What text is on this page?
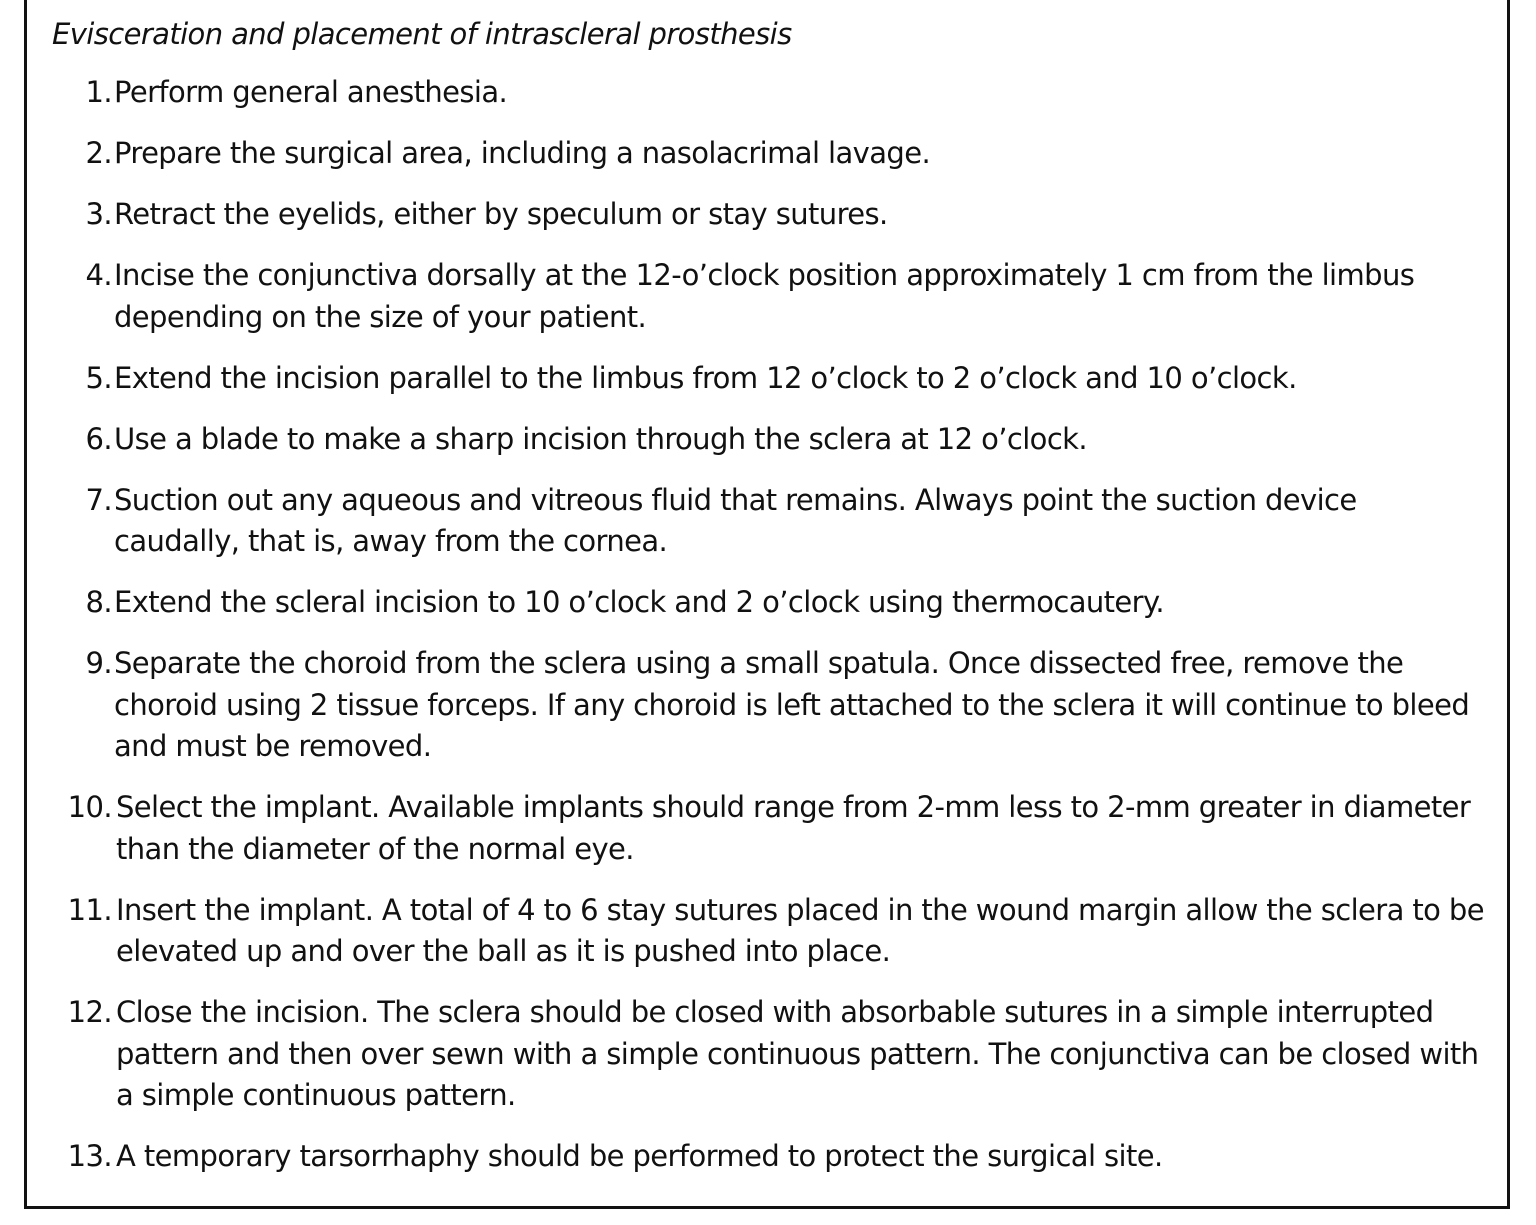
Evisceration and placement of intrascleral prosthesis
1. Perform general anesthesia.
2. Prepare the surgical area, including a nasolacrimal lavage.
3. Retract the eyelids, either by speculum or stay sutures.
4. Incise the conjunctiva dorsally at the 12-o’clock position approximately 1 cm from the limbus depending on the size of your patient.
5. Extend the incision parallel to the limbus from 12 o’clock to 2 o’clock and 10 o’clock.
6. Use a blade to make a sharp incision through the sclera at 12 o’clock.
7. Suction out any aqueous and vitreous fluid that remains. Always point the suction device caudally, that is, away from the cornea.
8. Extend the scleral incision to 10 o’clock and 2 o’clock using thermocautery.
9. Separate the choroid from the sclera using a small spatula. Once dissected free, remove the choroid using 2 tissue forceps. If any choroid is left attached to the sclera it will continue to bleed and must be removed.
10. Select the implant. Available implants should range from 2-mm less to 2-mm greater in diameter than the diameter of the normal eye.
11. Insert the implant. A total of 4 to 6 stay sutures placed in the wound margin allow the sclera to be elevated up and over the ball as it is pushed into place.
12. Close the incision. The sclera should be closed with absorbable sutures in a simple interrupted pattern and then over sewn with a simple continuous pattern. The conjunctiva can be closed with a simple continuous pattern.
13. A temporary tarsorrhaphy should be performed to protect the surgical site.
